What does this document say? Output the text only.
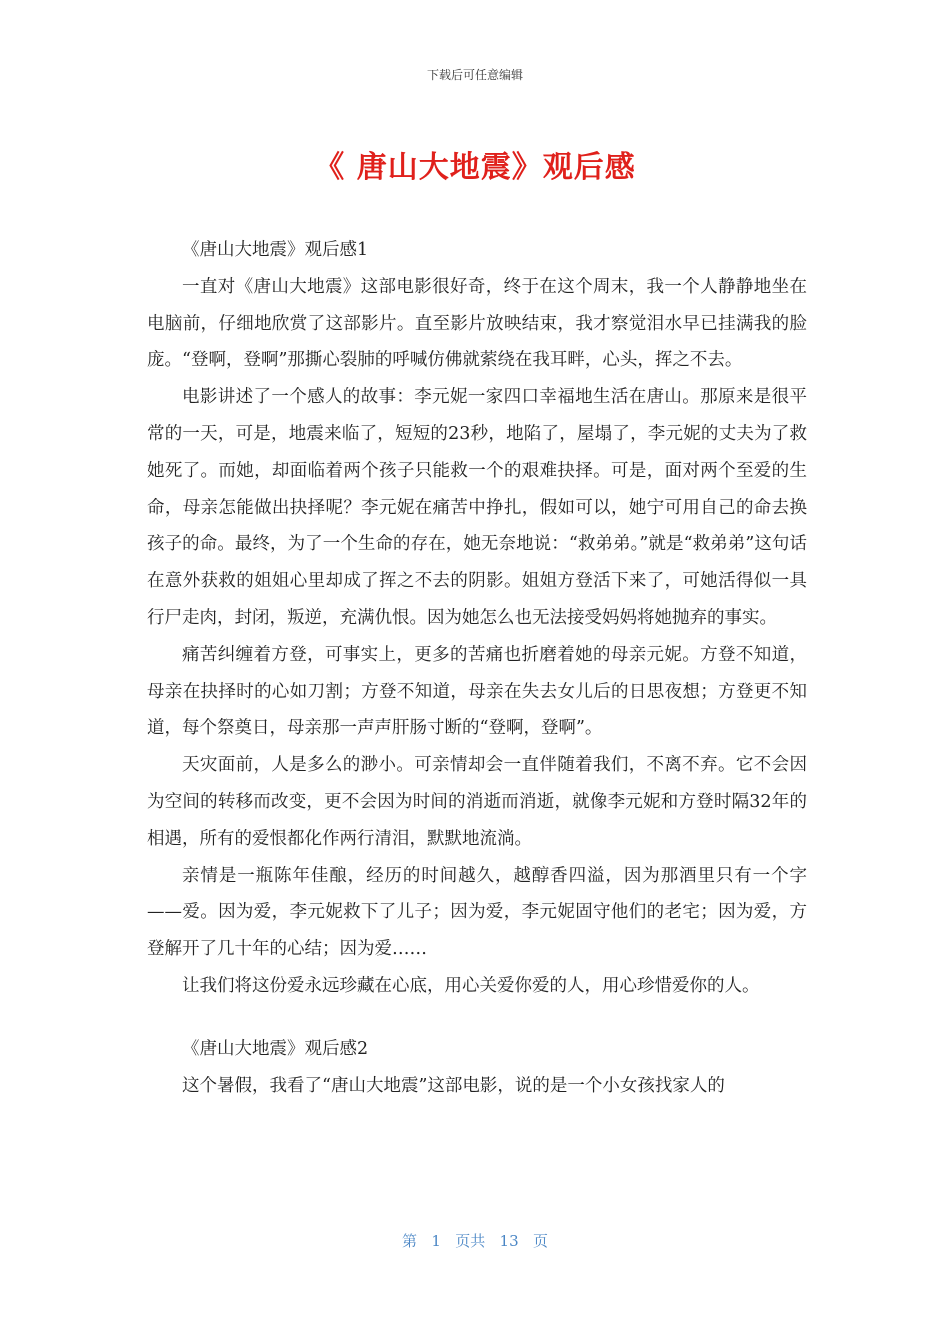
下载后可任意编辑
《 唐山大地震》观后感

《唐山大地震》观后感1

一直对《唐山大地震》这部电影很好奇，终于在这个周末，我一个人静静地坐在电脑前，仔细地欣赏了这部影片。直至影片放映结束，我才察觉泪水早已挂满我的脸庞。“登啊，登啊”那撕心裂肺的呼喊仿佛就萦绕在我耳畔，心头，挥之不去。

电影讲述了一个感人的故事：李元妮一家四口幸福地生活在唐山。那原来是很平常的一天，可是，地震来临了，短短的23秒，地陷了，屋塌了，李元妮的丈夫为了救她死了。而她，却面临着两个孩子只能救一个的艰难抉择。可是，面对两个至爱的生命，母亲怎能做出抉择呢？李元妮在痛苦中挣扎，假如可以，她宁可用自己的命去换孩子的命。最终，为了一个生命的存在，她无奈地说：“救弟弟。”就是“救弟弟”这句话在意外获救的姐姐心里却成了挥之不去的阴影。姐姐方登活下来了，可她活得似一具行尸走肉，封闭，叛逆，充满仇恨。因为她怎么也无法接受妈妈将她抛弃的事实。

痛苦纠缠着方登，可事实上，更多的苦痛也折磨着她的母亲元妮。方登不知道，母亲在抉择时的心如刀割；方登不知道，母亲在失去女儿后的日思夜想；方登更不知道，每个祭奠日，母亲那一声声肝肠寸断的“登啊，登啊”。

天灾面前，人是多么的渺小。可亲情却会一直伴随着我们，不离不弃。它不会因为空间的转移而改变，更不会因为时间的消逝而消逝，就像李元妮和方登时隔32年的相遇，所有的爱恨都化作两行清泪，默默地流淌。

亲情是一瓶陈年佳酿，经历的时间越久，越醇香四溢，因为那酒里只有一个字——爱。因为爱，李元妮救下了儿子；因为爱，李元妮固守他们的老宅；因为爱，方登解开了几十年的心结；因为爱……

让我们将这份爱永远珍藏在心底，用心关爱你爱的人，用心珍惜爱你的人。

《唐山大地震》观后感2

这个暑假，我看了“唐山大地震”这部电影，说的是一个小女孩找家人的

第 1 页共 13 页
